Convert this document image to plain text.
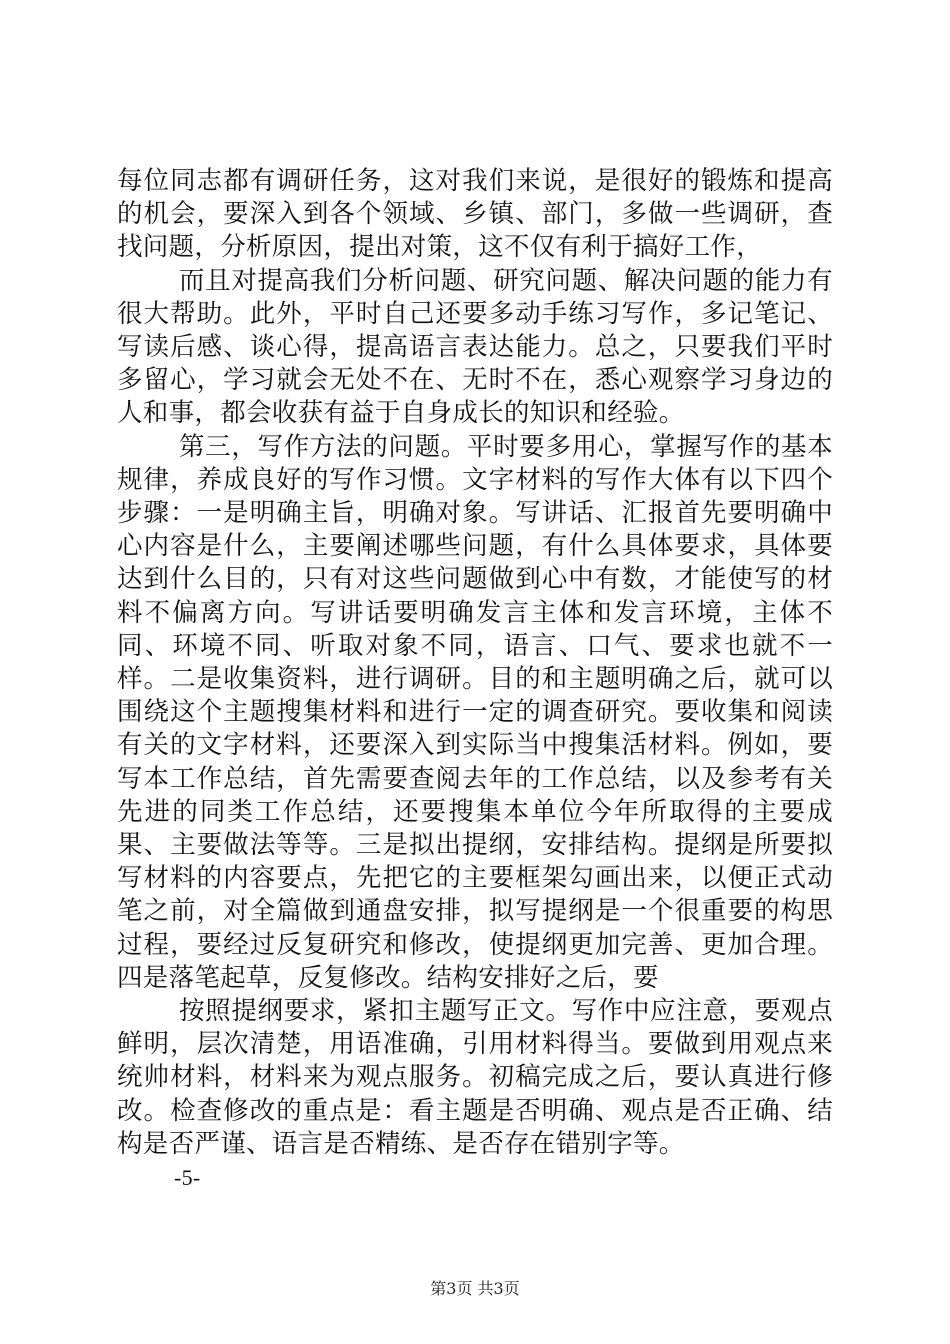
每位同志都有调研任务，这对我们来说，是很好的锻炼和提高的机会，要深入到各个领域、乡镇、部门，多做一些调研，查找问题，分析原因，提出对策，这不仅有利于搞好工作，

而且对提高我们分析问题、研究问题、解决问题的能力有很大帮助。此外，平时自己还要多动手练习写作，多记笔记、写读后感、谈心得，提高语言表达能力。总之，只要我们平时多留心，学习就会无处不在、无时不在，悉心观察学习身边的人和事，都会收获有益于自身成长的知识和经验。

第三，写作方法的问题。平时要多用心，掌握写作的基本规律，养成良好的写作习惯。文字材料的写作大体有以下四个步骤：一是明确主旨，明确对象。写讲话、汇报首先要明确中心内容是什么，主要阐述哪些问题，有什么具体要求，具体要达到什么目的，只有对这些问题做到心中有数，才能使写的材料不偏离方向。写讲话要明确发言主体和发言环境，主体不同、环境不同、听取对象不同，语言、口气、要求也就不一样。二是收集资料，进行调研。目的和主题明确之后，就可以围绕这个主题搜集材料和进行一定的调查研究。要收集和阅读有关的文字材料，还要深入到实际当中搜集活材料。例如，要写本工作总结，首先需要查阅去年的工作总结，以及参考有关先进的同类工作总结，还要搜集本单位今年所取得的主要成果、主要做法等等。三是拟出提纲，安排结构。提纲是所要拟写材料的内容要点，先把它的主要框架勾画出来，以便正式动笔之前，对全篇做到通盘安排，拟写提纲是一个很重要的构思过程，要经过反复研究和修改，使提纲更加完善、更加合理。四是落笔起草，反复修改。结构安排好之后，要

按照提纲要求，紧扣主题写正文。写作中应注意，要观点鲜明，层次清楚，用语准确，引用材料得当。要做到用观点来统帅材料，材料来为观点服务。初稿完成之后，要认真进行修改。检查修改的重点是：看主题是否明确、观点是否正确、结构是否严谨、语言是否精练、是否存在错别字等。

-5-

第3页 共3页
